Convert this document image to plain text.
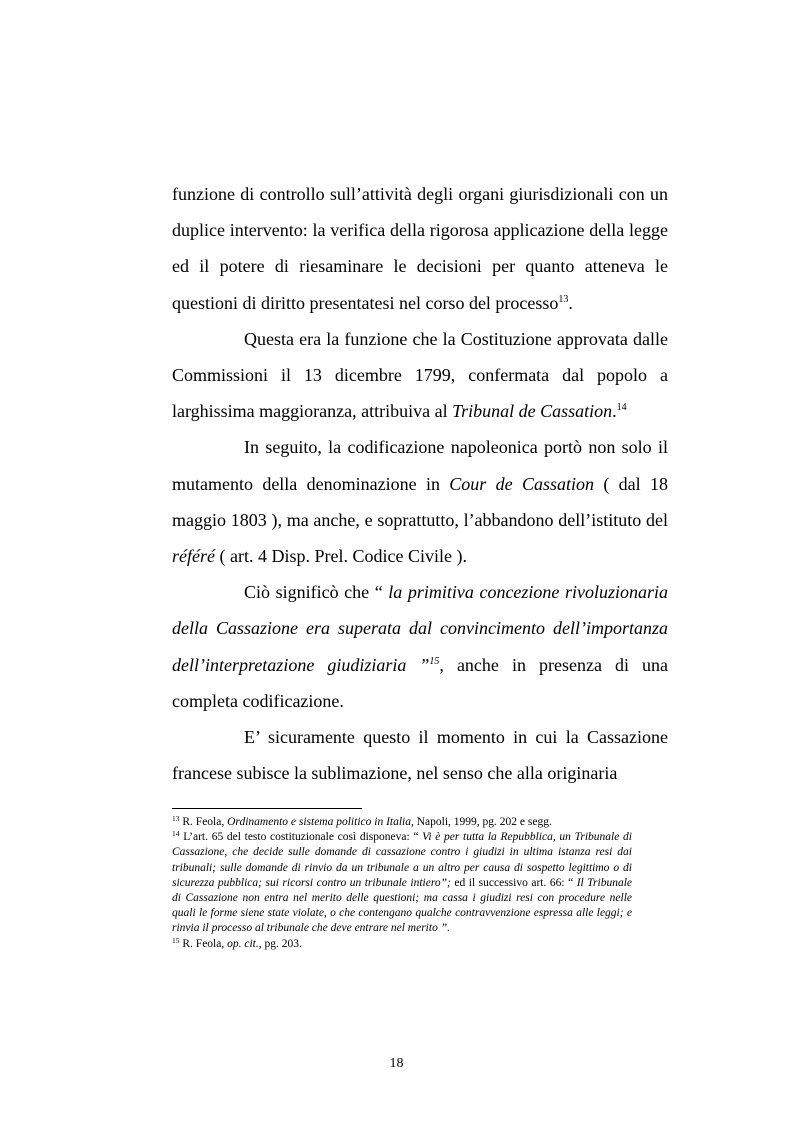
funzione di controllo sull’attività degli organi giurisdizionali con un duplice intervento: la verifica della rigorosa applicazione della legge ed il potere di riesaminare le decisioni per quanto atteneva le questioni di diritto presentatesi nel corso del processo$^{13}$.

Questa era la funzione che la Costituzione approvata dalle Commissioni il 13 dicembre 1799, confermata dal popolo a larghissima maggioranza, attribuiva al Tribunal de Cassation.$^{14}$

In seguito, la codificazione napoleonica portò non solo il mutamento della denominazione in Cour de Cassation ( dal 18 maggio 1803 ), ma anche, e soprattutto, l’abbandono dell’istituto del référé ( art. 4 Disp. Prel. Codice Civile ).

Ciò significò che “ la primitiva concezione rivoluzionaria della Cassazione era superata dal convincimento dell’importanza dell’interpretazione giudiziaria ”$^{15}$, anche in presenza di una completa codificazione.

E’ sicuramente questo il momento in cui la Cassazione francese subisce la sublimazione, nel senso che alla originaria

$^{13}$ R. Feola, Ordinamento e sistema politico in Italia, Napoli, 1999, pg. 202 e segg.

$^{14}$ L’art. 65 del testo costituzionale così disponeva: “ Vi è per tutta la Repubblica, un Tribunale di Cassazione, che decide sulle domande di cassazione contro i giudizi in ultima istanza resi dai tribunali; sulle domande di rinvio da un tribunale a un altro per causa di sospetto legittimo o di sicurezza pubblica; sui ricorsi contro un tribunale intiero”; ed il successivo art. 66: “ Il Tribunale di Cassazione non entra nel merito delle questioni; ma cassa i giudizi resi con procedure nelle quali le forme siene state violate, o che contengano qualche contravvenzione espressa alle leggi; e rinvia il processo al tribunale che deve entrare nel merito ”.

$^{15}$ R. Feola, op. cit., pg. 203.

18
